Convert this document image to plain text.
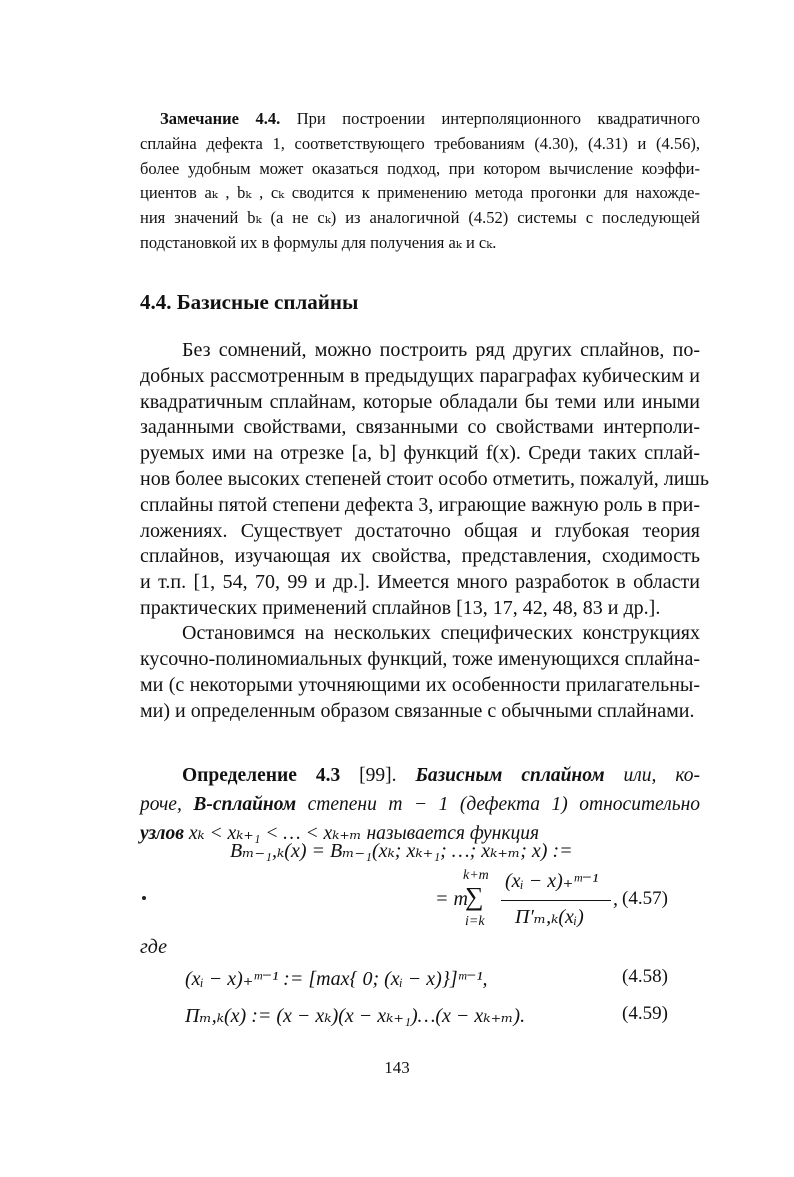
Замечание 4.4. При построении интерполяционного квадратичного
сплайна дефекта 1, соответствующего требованиям (4.30), (4.31) и (4.56),
более удобным может оказаться подход, при котором вычисление коэффи-
циентов aₖ , bₖ , cₖ сводится к применению метода прогонки для нахожде-
ния значений bₖ (а не cₖ) из аналогичной (4.52) системы с последующей
подстановкой их в формулы для получения aₖ и cₖ.
4.4. Базисные сплайны
Без сомнений, можно построить ряд других сплайнов, по-
добных рассмотренным в предыдущих параграфах кубическим и
квадратичным сплайнам, которые обладали бы теми или иными
заданными свойствами, связанными со свойствами интерполи-
руемых ими на отрезке [a, b] функций f(x). Среди таких сплай-
нов более высоких степеней стоит особо отметить, пожалуй, лишь
сплайны пятой степени дефекта 3, играющие важную роль в при-
ложениях. Существует достаточно общая и глубокая теория
сплайнов, изучающая их свойства, представления, сходимость
и т.п. [1, 54, 70, 99 и др.]. Имеется много разработок в области
практических применений сплайнов [13, 17, 42, 48, 83 и др.].
Остановимся на нескольких специфических конструкциях
кусочно-полиномиальных функций, тоже именующихся сплайна-
ми (с некоторыми уточняющими их особенности прилагательны-
ми) и определенным образом связанные с обычными сплайнами.
Определение 4.3 [99]. Базисным сплайном или, ко-
роче, B-сплайном степени m − 1 (дефекта 1) относительно
узлов xₖ < xₖ₊₁ < … < xₖ₊ₘ называется функция
Bₘ₋₁,ₖ(x) = Bₘ₋₁(xₖ; xₖ₊₁; …; xₖ₊ₘ; x) :=
= m
k+m
∑
i=k
(xᵢ − x)₊ᵐ⁻¹
Π′ₘ,ₖ(xᵢ)
, (4.57)
где
(xᵢ − x)₊ᵐ⁻¹ := [max{ 0; (xᵢ − x)}]ᵐ⁻¹,	(4.58)
Πₘ,ₖ(x) := (x − xₖ)(x − xₖ₊₁)…(x − xₖ₊ₘ).	(4.59)
143
